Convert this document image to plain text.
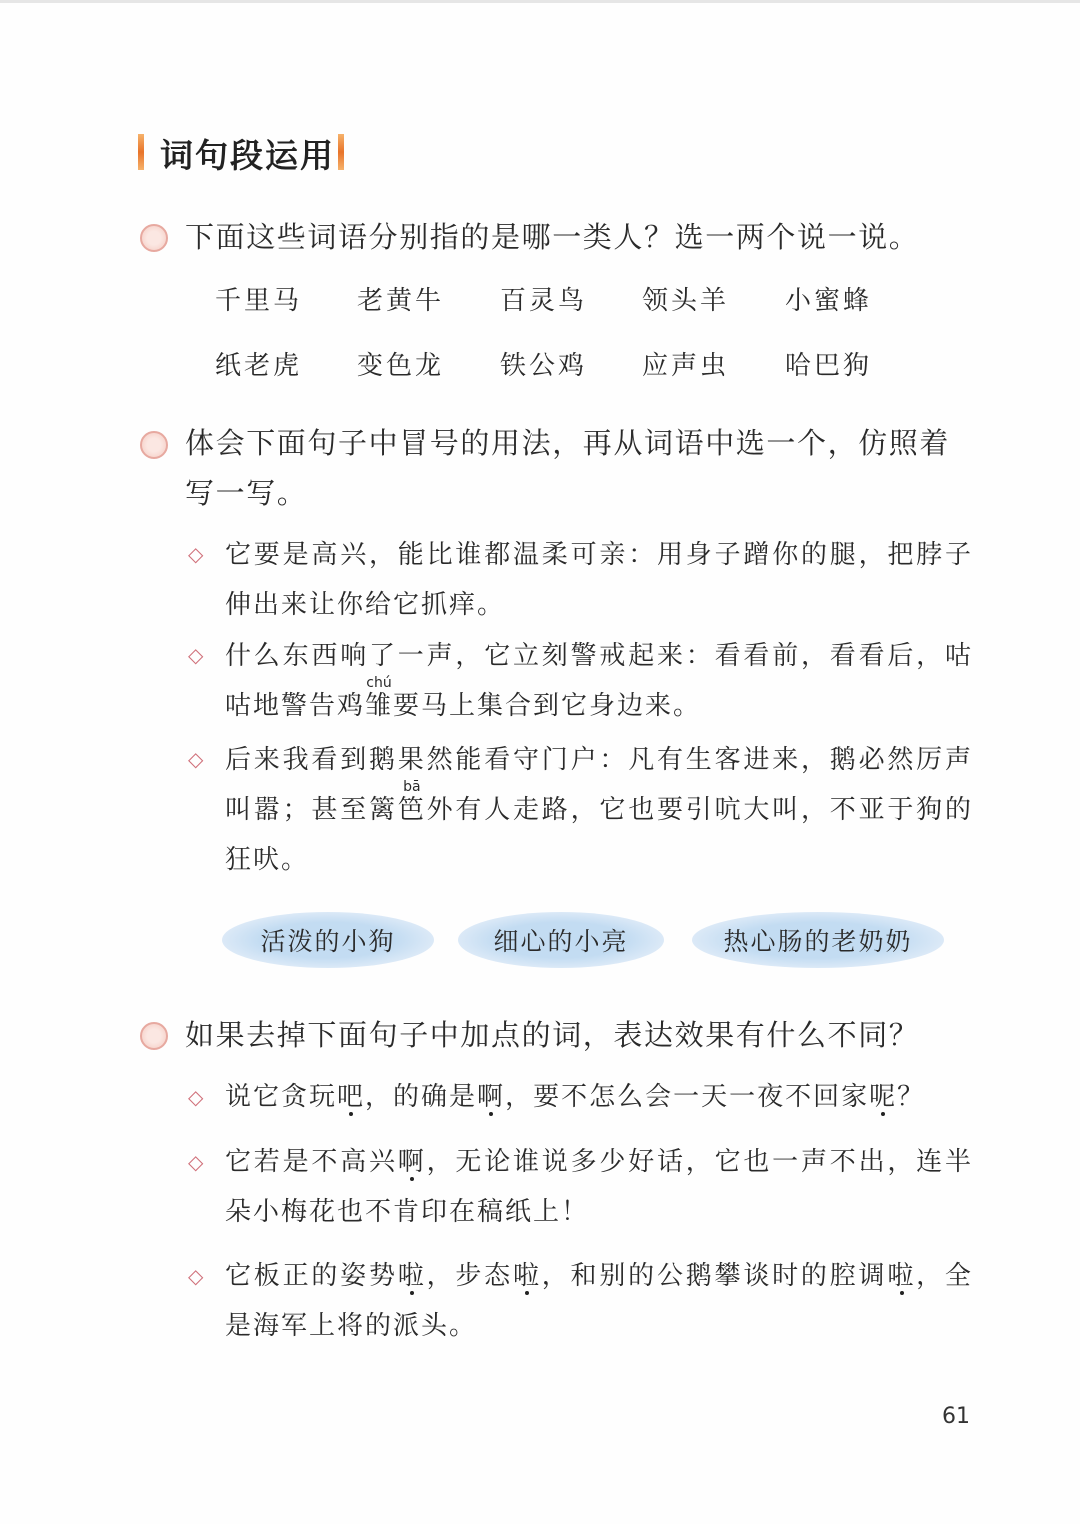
词句段运用
下面这些词语分别指的是哪一类人？选一两个说一说。
千里马 老黄牛 百灵鸟 领头羊 小蜜蜂
纸老虎 变色龙 铁公鸡 应声虫 哈巴狗
体会下面句子中冒号的用法，再从词语中选一个，仿照着写一写。
◇ 它要是高兴，能比谁都温柔可亲：用身子蹭你的腿，把脖子伸出来让你给它抓痒。
◇ 什么东西响了一声，它立刻警戒起来：看看前，看看后，咕咕地警告鸡雏chú要马上集合到它身边来。
◇ 后来我看到鹅果然能看守门户：凡有生客进来，鹅必然厉声叫嚣；甚至篱笆bā外有人走路，它也要引吭大叫，不亚于狗的狂吠。
活泼的小狗	细心的小亮	热心肠的老奶奶
如果去掉下面句子中加点的词，表达效果有什么不同？
◇ 说它贪玩吧，的确是啊，要不怎么会一天一夜不回家呢？
◇ 它若是不高兴啊，无论谁说多少好话，它也一声不出，连半朵小梅花也不肯印在稿纸上！
◇ 它板正的姿势啦，步态啦，和别的公鹅攀谈时的腔调啦，全是海军上将的派头。
61
